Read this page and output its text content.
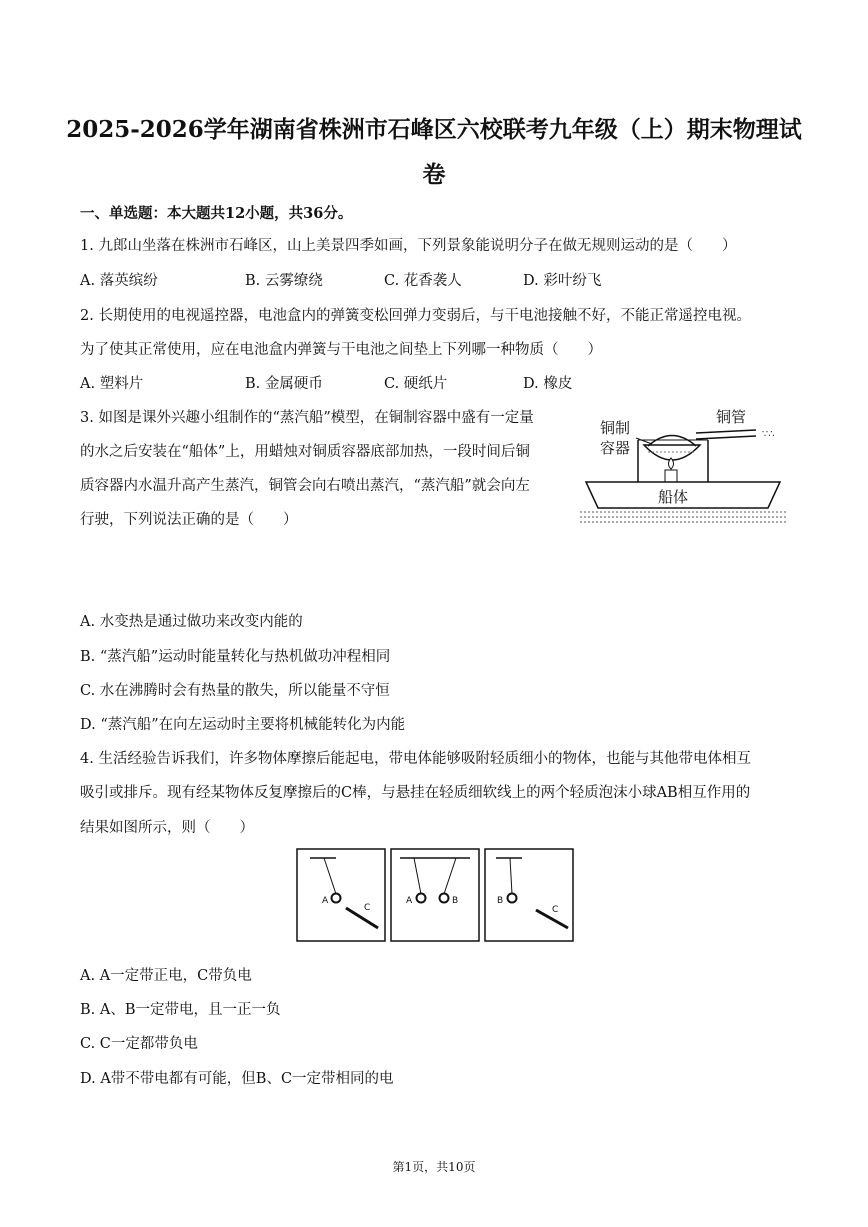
2025-2026学年湖南省株洲市石峰区六校联考九年级（上）期末物理试
卷
一、单选题：本大题共12小题，共36分。
1. 九郎山坐落在株洲市石峰区，山上美景四季如画，下列景象能说明分子在做无规则运动的是（　　）
A. 落英缤纷	B. 云雾缭绕	C. 花香袭人	D. 彩叶纷飞
2. 长期使用的电视遥控器，电池盒内的弹簧变松回弹力变弱后，与干电池接触不好，不能正常遥控电视。
为了使其正常使用，应在电池盒内弹簧与干电池之间垫上下列哪一种物质（　　）
A. 塑料片	B. 金属硬币	C. 硬纸片	D. 橡皮
3. 如图是课外兴趣小组制作的“蒸汽船”模型，在铜制容器中盛有一定量
的水之后安装在“船体”上，用蜡烛对铜质容器底部加热，一段时间后铜
质容器内水温升高产生蒸汽，铜管会向右喷出蒸汽，“蒸汽船”就会向左
行驶，下列说法正确的是（　　）
铜制
容器
铜管
∵∴
船体
A. 水变热是通过做功来改变内能的
B. “蒸汽船”运动时能量转化与热机做功冲程相同
C. 水在沸腾时会有热量的散失，所以能量不守恒
D. “蒸汽船”在向左运动时主要将机械能转化为内能
4. 生活经验告诉我们，许多物体摩擦后能起电，带电体能够吸附轻质细小的物体，也能与其他带电体相互
吸引或排斥。现有经某物体反复摩擦后的C棒，与悬挂在轻质细软线上的两个轻质泡沫小球AB相互作用的
结果如图所示，则（　　）
A
C
A	B	B
C
A. A一定带正电，C带负电
B. A、B一定带电，且一正一负
C. C一定都带负电
D. A带不带电都有可能，但B、C一定带相同的电
第1页，共10页
